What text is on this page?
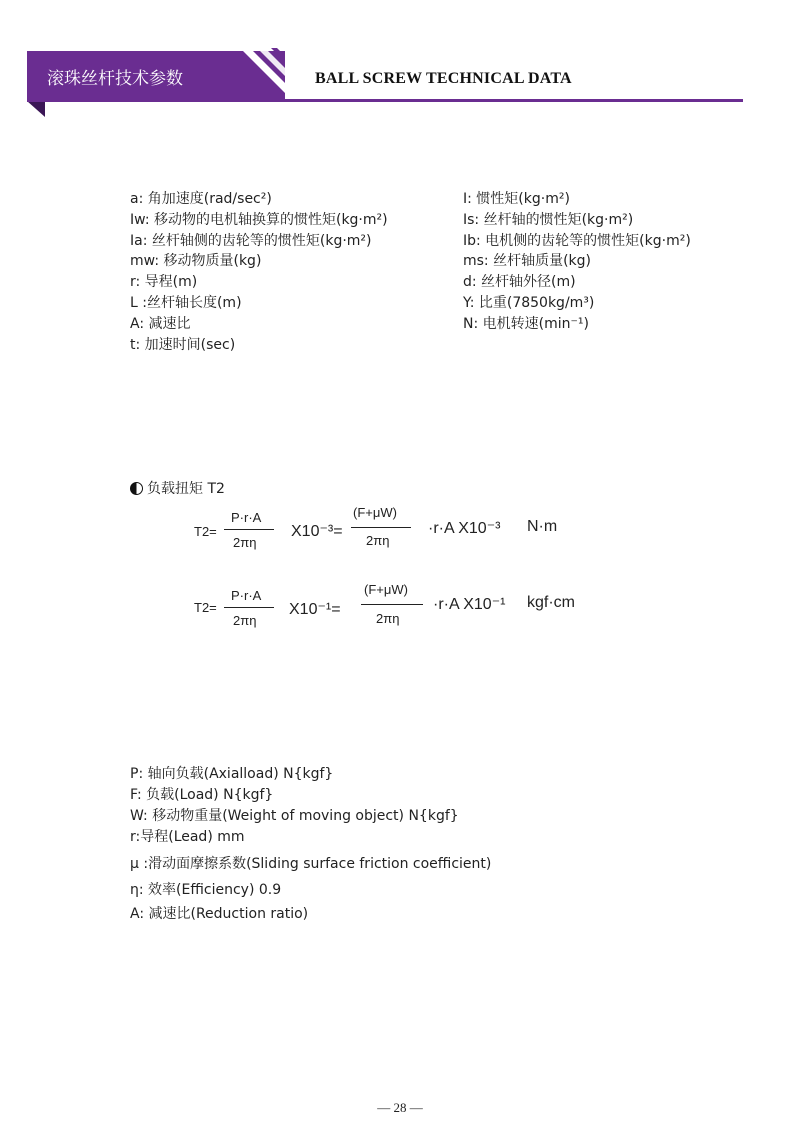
滚珠丝杆技术参数	BALL SCREW TECHNICAL DATA
a: 角加速度(rad/sec²)
Iw: 移动物的电机轴换算的惯性矩(kg·m²)
Ia: 丝杆轴侧的齿轮等的惯性矩(kg·m²)
mw: 移动物质量(kg)
r: 导程(m)
L :丝杆轴长度(m)
A: 减速比
t: 加速时间(sec)
I: 惯性矩(kg·m²)
Is: 丝杆轴的惯性矩(kg·m²)
Ib: 电机侧的齿轮等的惯性矩(kg·m²)
ms: 丝杆轴质量(kg)
d: 丝杆轴外径(m)
Y: 比重(7850kg/m³)
N: 电机转速(min⁻¹)
负载扭矩 T2
T2=
P·r·A
2πη
X10⁻³=
(F+μW)
2πη
·r·A X10⁻³ N·m
T2=
P·r·A
2πη
X10⁻¹=
(F+μW)
2πη
·r·A X10⁻¹ kgf·cm
P: 轴向负载(Axialload) N{kgf}
F: 负载(Load) N{kgf}
W: 移动物重量(Weight of moving object) N{kgf}
r:导程(Lead) mm
μ :滑动面摩擦系数(Sliding surface friction coefficient)
η: 效率(Efficiency) 0.9
A: 减速比(Reduction ratio)
— 28 —
